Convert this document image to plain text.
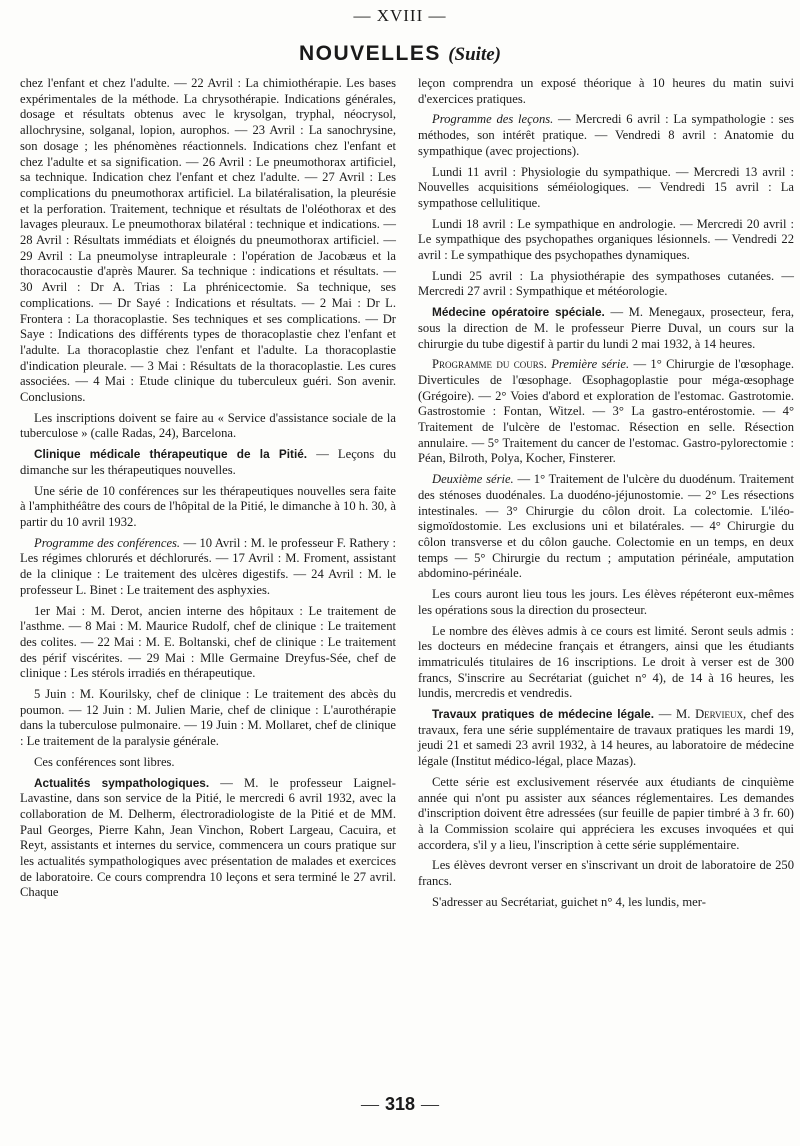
— XVIII —
NOUVELLES (Suite)

chez l'enfant et chez l'adulte. — 22 Avril : La chimiothérapie. Les bases expérimentales de la méthode. La chrysothérapie. Indications générales, dosage et résultats obtenus avec le krysolgan, tryphal, néocrysol, allochrysine, solganal, lopion, aurophos. — 23 Avril : La sanochrysine, son dosage ; les phénomènes réactionnels. Indications chez l'enfant et chez l'adulte et sa signification. — 26 Avril : Le pneumothorax artificiel, sa technique. Indication chez l'enfant et chez l'adulte. — 27 Avril : Les complications du pneumothorax artificiel. La bilatéralisation, la pleurésie et la perforation. Traitement, technique et résultats de l'oléothorax et des lavages pleuraux. Le pneumothorax bilatéral : technique et indications. — 28 Avril : Résultats immédiats et éloignés du pneumothorax artificiel. — 29 Avril : La pneumolyse intrapleurale : l'opération de Jacobæus et la thoracocaustie d'après Maurer. Sa technique : indications et résultats. — 30 Avril : Dr A. Trias : La phrénicectomie. Sa technique, ses complications. — Dr Sayé : Indications et résultats. — 2 Mai : Dr L. Frontera : La thoracoplastie. Ses techniques et ses complications. — Dr Saye : Indications des différents types de thoracoplastie chez l'enfant et l'adulte. La thoracoplastie chez l'enfant et l'adulte. La thoracoplastie d'indication pleurale. — 3 Mai : Résultats de la thoracoplastie. Les cures associées. — 4 Mai : Etude clinique du tuberculeux guéri. Son avenir. Conclusions.

Les inscriptions doivent se faire au « Service d'assistance sociale de la tuberculose » (calle Radas, 24), Barcelona.

Clinique médicale thérapeutique de la Pitié. — Leçons du dimanche sur les thérapeutiques nouvelles.

Une série de 10 conférences sur les thérapeutiques nouvelles sera faite à l'amphithéâtre des cours de l'hôpital de la Pitié, le dimanche à 10 h. 30, à partir du 10 avril 1932.

Programme des conférences. — 10 Avril : M. le professeur F. Rathery : Les régimes chlorurés et déchlorurés. — 17 Avril : M. Froment, assistant de la clinique : Le traitement des ulcères digestifs. — 24 Avril : M. le professeur L. Binet : Le traitement des asphyxies.

1er Mai : M. Derot, ancien interne des hôpitaux : Le traitement de l'asthme. — 8 Mai : M. Maurice Rudolf, chef de clinique : Le traitement des colites. — 22 Mai : M. E. Boltanski, chef de clinique : Le traitement des périf viscérites. — 29 Mai : Mlle Germaine Dreyfus-Sée, chef de clinique : Les stérols irradiés en thérapeutique.

5 Juin : M. Kourilsky, chef de clinique : Le traitement des abcès du poumon. — 12 Juin : M. Julien Marie, chef de clinique : L'aurothérapie dans la tuberculose pulmonaire. — 19 Juin : M. Mollaret, chef de clinique : Le traitement de la paralysie générale.

Ces conférences sont libres.

Actualités sympathologiques. — M. le professeur Laignel-Lavastine, dans son service de la Pitié, le mercredi 6 avril 1932, avec la collaboration de M. Delherm, électroradiologiste de la Pitié et de MM. Paul Georges, Pierre Kahn, Jean Vinchon, Robert Largeau, Cacuira, et Reyt, assistants et internes du service, commencera un cours pratique sur les actualités sympathologiques avec présentation de malades et exercices de laboratoire. Ce cours comprendra 10 leçons et sera terminé le 27 avril. Chaque

leçon comprendra un exposé théorique à 10 heures du matin suivi d'exercices pratiques.

Programme des leçons. — Mercredi 6 avril : La sympathologie : ses méthodes, son intérêt pratique. — Vendredi 8 avril : Anatomie du sympathique (avec projections).

Lundi 11 avril : Physiologie du sympathique. — Mercredi 13 avril : Nouvelles acquisitions séméiologiques. — Vendredi 15 avril : La sympathose cellulitique.

Lundi 18 avril : Le sympathique en andrologie. — Mercredi 20 avril : Le sympathique des psychopathes organiques lésionnels. — Vendredi 22 avril : Le sympathique des psychopathes dynamiques.

Lundi 25 avril : La physiothérapie des sympathoses cutanées. — Mercredi 27 avril : Sympathique et météorologie.

Médecine opératoire spéciale. — M. Menegaux, prosecteur, fera, sous la direction de M. le professeur Pierre Duval, un cours sur la chirurgie du tube digestif à partir du lundi 2 mai 1932, à 14 heures.

Programme du cours. Première série. — 1° Chirurgie de l'œsophage. Diverticules de l'œsophage. Œsophagoplastie pour méga-œsophage (Grégoire). — 2° Voies d'abord et exploration de l'estomac. Gastrotomie. Gastrostomie : Fontan, Witzel. — 3° La gastro-entérostomie. — 4° Traitement de l'ulcère de l'estomac. Résection en selle. Résection annulaire. — 5° Traitement du cancer de l'estomac. Gastro-pylorectomie : Péan, Bilroth, Polya, Kocher, Finsterer.

Deuxième série. — 1° Traitement de l'ulcère du duodénum. Traitement des sténoses duodénales. La duodéno-jéjunostomie. — 2° Les résections intestinales. — 3° Chirurgie du côlon droit. La colectomie. L'iléo-sigmoïdostomie. Les exclusions uni et bilatérales. — 4° Chirurgie du côlon transverse et du côlon gauche. Colectomie en un temps, en deux temps — 5° Chirurgie du rectum ; amputation périnéale, amputation abdomino-périnéale.

Les cours auront lieu tous les jours. Les élèves répéteront eux-mêmes les opérations sous la direction du prosecteur.

Le nombre des élèves admis à ce cours est limité. Seront seuls admis : les docteurs en médecine français et étrangers, ainsi que les étudiants immatriculés titulaires de 16 inscriptions. Le droit à verser est de 300 francs, S'inscrire au Secrétariat (guichet n° 4), de 14 à 16 heures, les lundis, mercredis et vendredis.

Travaux pratiques de médecine légale. — M. Dervieux, chef des travaux, fera une série supplémentaire de travaux pratiques les mardi 19, jeudi 21 et samedi 23 avril 1932, à 14 heures, au laboratoire de médecine légale (Institut médico-légal, place Mazas).

Cette série est exclusivement réservée aux étudiants de cinquième année qui n'ont pu assister aux séances réglementaires. Les demandes d'inscription doivent être adressées (sur feuille de papier timbré à 3 fr. 60) à la Commission scolaire qui appréciera les excuses invoquées et qui accordera, s'il y a lieu, l'inscription à cette série supplémentaire.

Les élèves devront verser en s'inscrivant un droit de laboratoire de 250 francs.

S'adresser au Secrétariat, guichet n° 4, les lundis, mer-

— 318 —
